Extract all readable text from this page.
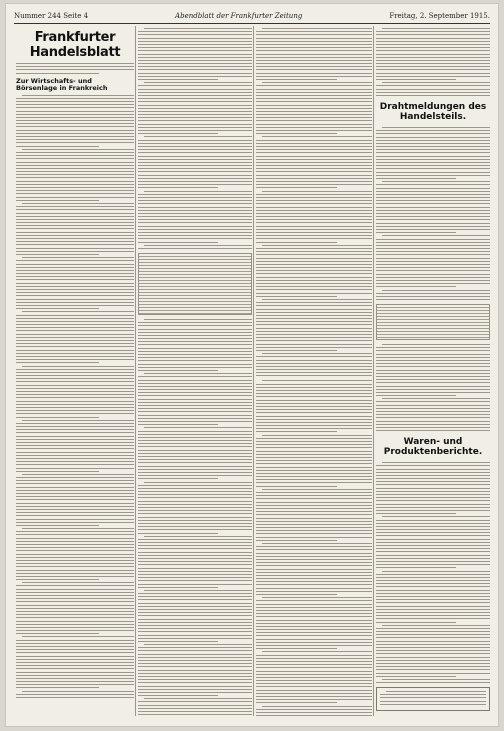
Nummer 244 Seite 4	Abendblatt der Frankfurter Zeitung	Freitag, 2. September 1915.
Frankfurter Handelsblatt
Zur Wirtschafts- und Börsenlage in Frankreich
Drahtmeldungen des Handelsteils.
Waren- und Produktenberichte.
